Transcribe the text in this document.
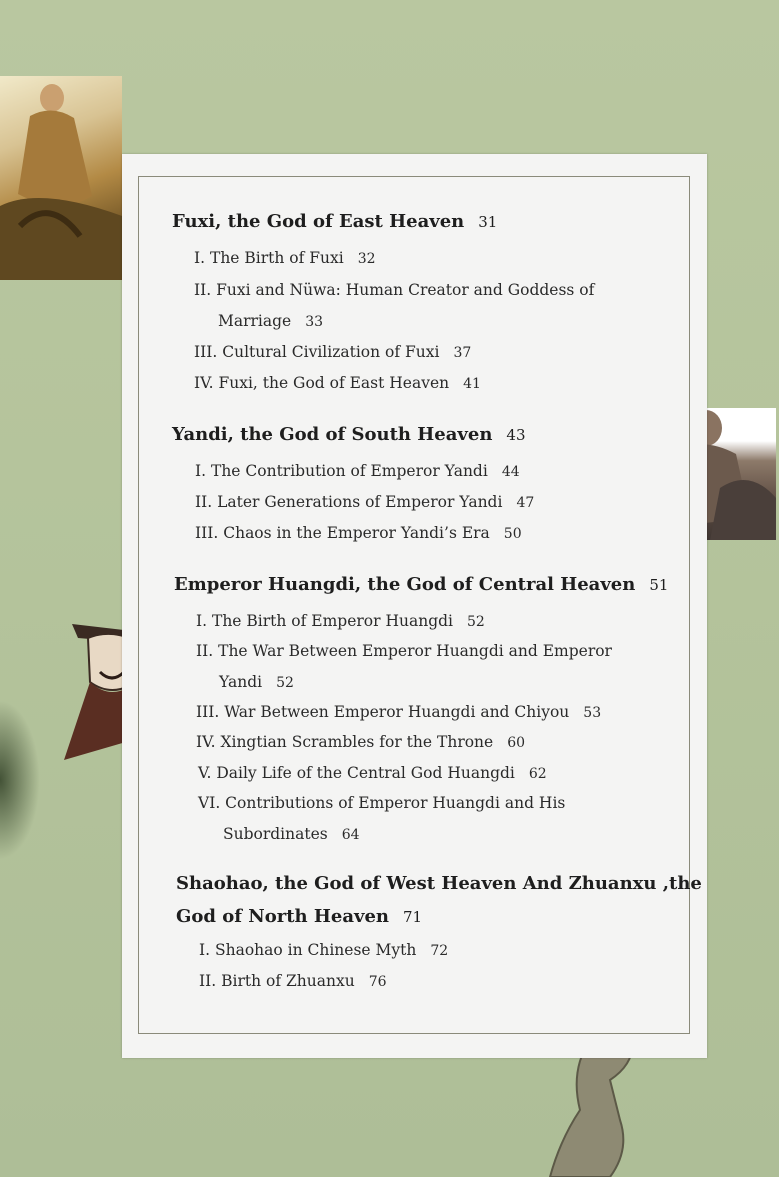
Fuxi, the God of East Heaven 31
I. The Birth of Fuxi 32
II. Fuxi and Nüwa: Human Creator and Goddess of
Marriage 33
III. Cultural Civilization of Fuxi 37
IV. Fuxi, the God of East Heaven 41
Yandi, the God of South Heaven 43
I. The Contribution of Emperor Yandi 44
II. Later Generations of Emperor Yandi 47
III. Chaos in the Emperor Yandi’s Era 50
Emperor Huangdi, the God of Central Heaven 51
I. The Birth of Emperor Huangdi 52
II. The War Between Emperor Huangdi and Emperor
Yandi 52
III. War Between Emperor Huangdi and Chiyou 53
IV. Xingtian Scrambles for the Throne 60
V. Daily Life of the Central God Huangdi 62
VI. Contributions of Emperor Huangdi and His
Subordinates 64
Shaohao, the God of West Heaven And Zhuanxu ,the
God of North Heaven 71
I. Shaohao in Chinese Myth 72
II. Birth of Zhuanxu 76
